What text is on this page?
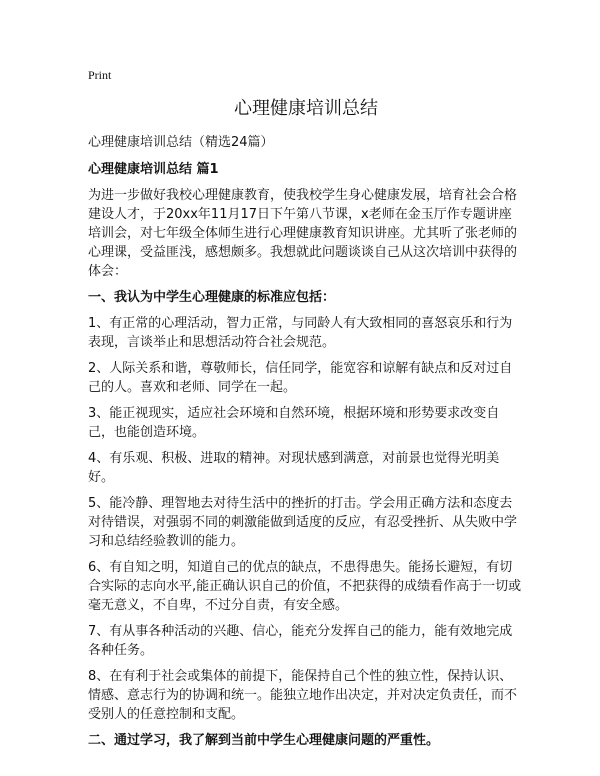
Print
心理健康培训总结
心理健康培训总结（精选24篇）
心理健康培训总结 篇1
为进一步做好我校心理健康教育，使我校学生身心健康发展，培育社会合格建设人才，于20xx年11月17日下午第八节课，x老师在金玉厅作专题讲座培训会，对七年级全体师生进行心理健康教育知识讲座。尤其听了张老师的心理课，受益匪浅，感想颇多。我想就此问题谈谈自己从这次培训中获得的体会：
一、我认为中学生心理健康的标准应包括：
1、有正常的心理活动，智力正常，与同龄人有大致相同的喜怒哀乐和行为表现，言谈举止和思想活动符合社会规范。
2、人际关系和谐，尊敬师长，信任同学，能宽容和谅解有缺点和反对过自己的人。喜欢和老师、同学在一起。
3、能正视现实，适应社会环境和自然环境，根据环境和形势要求改变自己，也能创造环境。
4、有乐观、积极、进取的精神。对现状感到满意，对前景也觉得光明美好。
5、能冷静、理智地去对待生活中的挫折的打击。学会用正确方法和态度去对待错误，对强弱不同的刺激能做到适度的反应，有忍受挫折、从失败中学习和总结经验教训的能力。
6、有自知之明，知道自己的优点的缺点，不患得患失。能扬长避短，有切合实际的志向水平,能正确认识自己的价值，不把获得的成绩看作高于一切或毫无意义，不自卑，不过分自责，有安全感。
7、有从事各种活动的兴趣、信心，能充分发挥自己的能力，能有效地完成各种任务。
8、在有利于社会或集体的前提下，能保持自己个性的独立性，保持认识、情感、意志行为的协调和统一。能独立地作出决定，并对决定负责任，而不受别人的任意控制和支配。
二、通过学习，我了解到当前中学生心理健康问题的严重性。
